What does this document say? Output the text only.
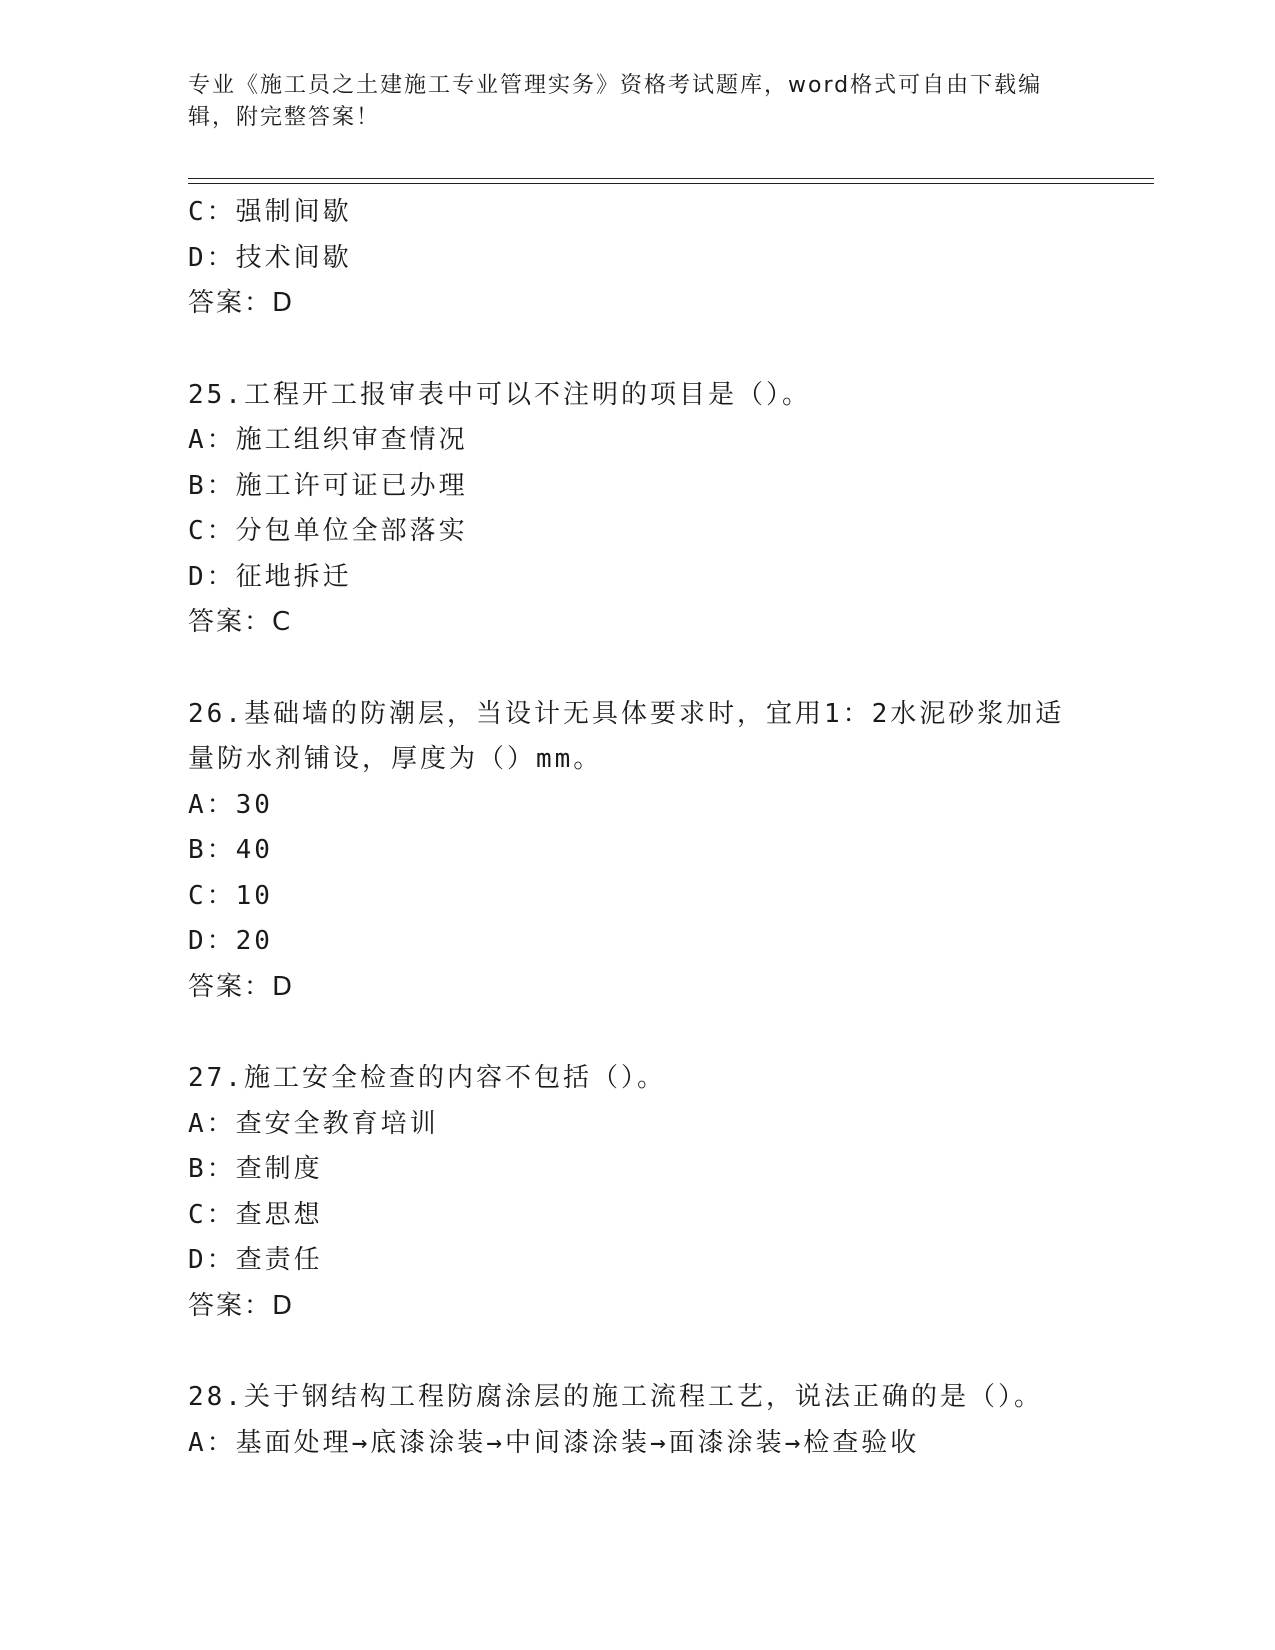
专业《施工员之土建施工专业管理实务》资格考试题库，word格式可自由下载编
辑，附完整答案！
C：强制间歇
D：技术间歇
答案：D
25.工程开工报审表中可以不注明的项目是（）。
A：施工组织审查情况
B：施工许可证已办理
C：分包单位全部落实
D：征地拆迁
答案：C
26.基础墙的防潮层，当设计无具体要求时，宜用1：2水泥砂浆加适
量防水剂铺设，厚度为（）mm。
A：30
B：40
C：10
D：20
答案：D
27.施工安全检查的内容不包括（）。
A：查安全教育培训
B：查制度
C：查思想
D：查责任
答案：D
28.关于钢结构工程防腐涂层的施工流程工艺，说法正确的是（）。
A：基面处理→底漆涂装→中间漆涂装→面漆涂装→检查验收
